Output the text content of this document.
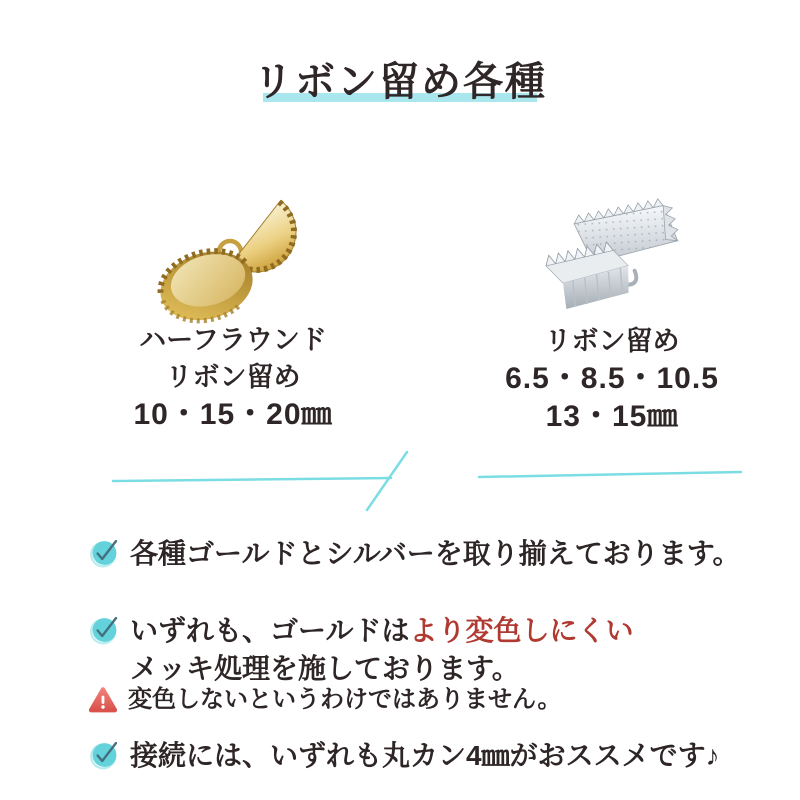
リボン留め各種
ハーフラウンド
リボン留め
10・15・20㎜
リボン留め
6.5・8.5・10.5
13・15㎜
各種ゴールドとシルバーを取り揃えております。
いずれも、ゴールドはより変色しにくい
メッキ処理を施しております。
変色しないというわけではありません。
接続には、いずれも丸カン4㎜がおススメです♪
